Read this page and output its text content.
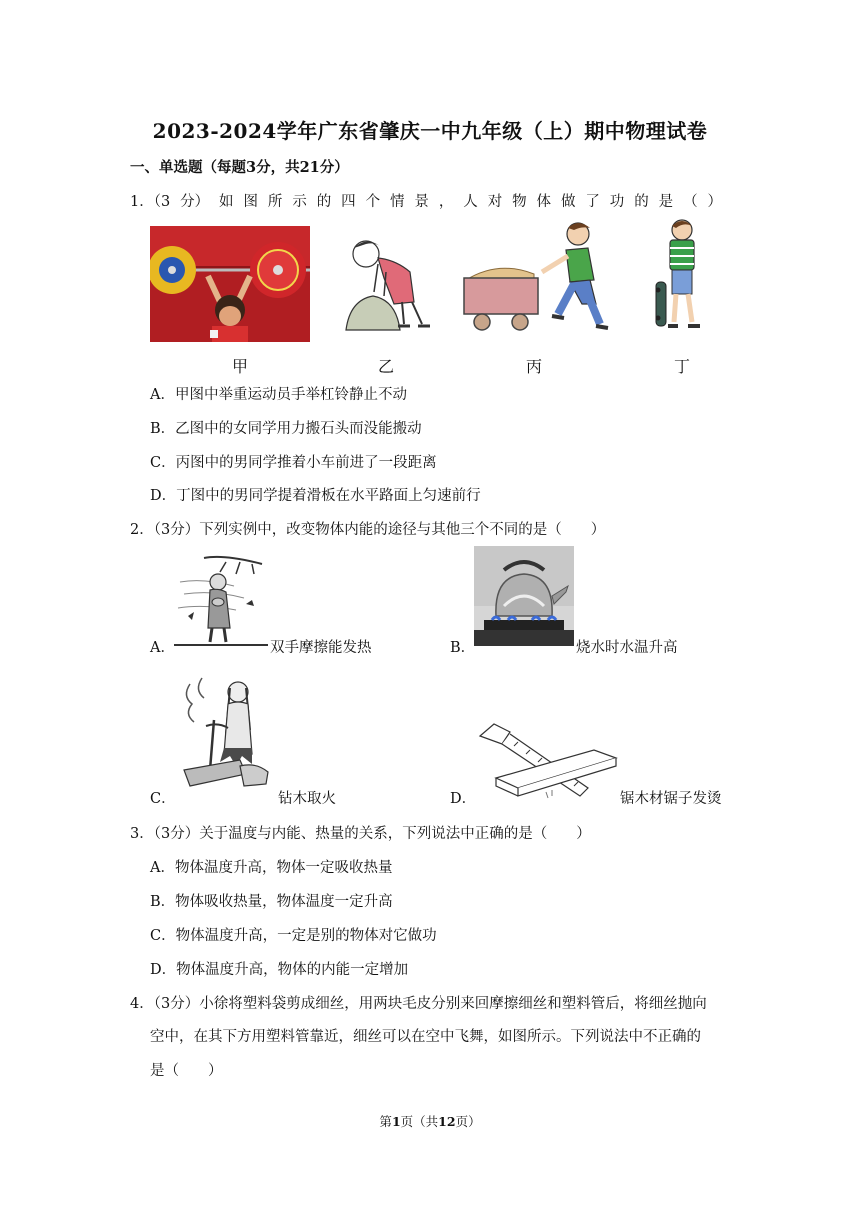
2023-2024学年广东省肇庆一中九年级（上）期中物理试卷
一、单选题（每题3分，共21分）
1．（3 分） 如 图 所 示 的 四 个 情 景 ， 人 对 物 体 做 了 功 的 是 （ ）
甲	乙	丙	丁
A．甲图中举重运动员手举杠铃静止不动
B．乙图中的女同学用力搬石头而没能搬动
C．丙图中的男同学推着小车前进了一段距离
D．丁图中的男同学提着滑板在水平路面上匀速前行
2．（3分）下列实例中，改变物体内能的途径与其他三个不同的是（　　）
A．	双手摩擦能发热	B．	烧水时水温升高
C．	钻木取火	D．	锯木材锯子发烫
3．（3分）关于温度与内能、热量的关系，下列说法中正确的是（　　）
A．物体温度升高，物体一定吸收热量
B．物体吸收热量，物体温度一定升高
C．物体温度升高，一定是别的物体对它做功
D．物体温度升高，物体的内能一定增加
4．（3分）小徐将塑料袋剪成细丝，用两块毛皮分别来回摩擦细丝和塑料管后，将细丝抛向
空中，在其下方用塑料管靠近，细丝可以在空中飞舞，如图所示。下列说法中不正确的
是（　　）
第1页（共12页）
